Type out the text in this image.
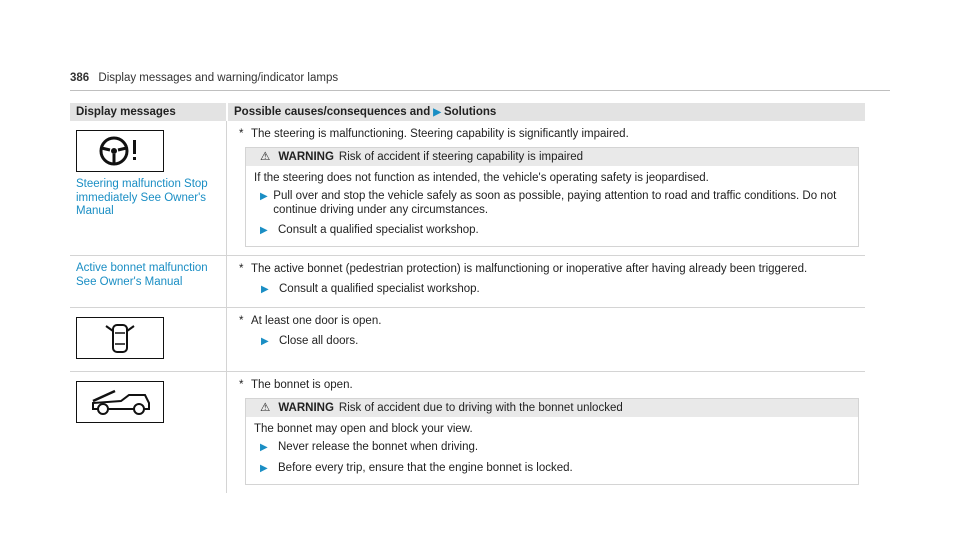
386 Display messages and warning/indicator lamps
Display messages	Possible causes/consequences and ▶ Solutions
Steering malfunction Stop immediately See Owner's Manual
* The steering is malfunctioning. Steering capability is significantly impaired.
⚠ WARNING Risk of accident if steering capability is impaired
If the steering does not function as intended, the vehicle's operating safety is jeopardised.
▶ Pull over and stop the vehicle safely as soon as possible, paying attention to road and traffic conditions. Do not continue driving under any circumstances.
▶ Consult a qualified specialist workshop.
Active bonnet malfunction See Owner's Manual
* The active bonnet (pedestrian protection) is malfunctioning or inoperative after having already been triggered.
▶ Consult a qualified specialist workshop.
* At least one door is open.
▶ Close all doors.
* The bonnet is open.
⚠ WARNING Risk of accident due to driving with the bonnet unlocked
The bonnet may open and block your view.
▶ Never release the bonnet when driving.
▶ Before every trip, ensure that the engine bonnet is locked.
